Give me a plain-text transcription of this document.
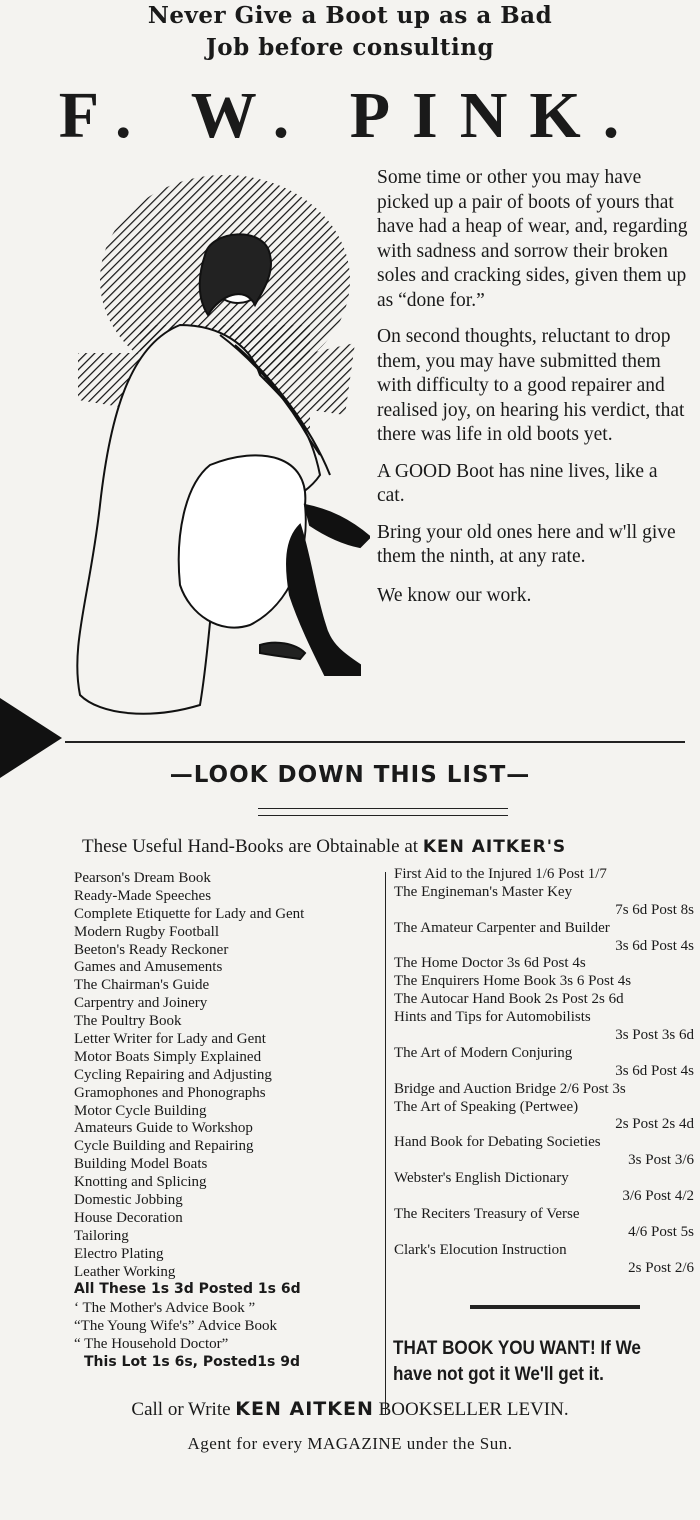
Never Give a Boot up as a Bad
Job before consulting
F. W. PINK.

Some time or other you may have picked up a pair of boots of yours that have had a heap of wear, and, regarding with sadness and sorrow their broken soles and cracking sides, given them up as “done for.”

On second thoughts, reluctant to drop them, you may have submitted them with difficulty to a good repairer and realised joy, on hearing his verdict, that there was life in old boots yet.

A GOOD Boot has nine lives, like a cat.

Bring your old ones here and w'll give them the ninth, at any rate.

We know our work.

—LOOK DOWN THIS LIST—
These Useful Hand-Books are Obtainable at KEN AITKER'S
Pearson's Dream Book
Ready-Made Speeches
Complete Etiquette for Lady and Gent
Modern Rugby Football
Beeton's Ready Reckoner
Games and Amusements
The Chairman's Guide
Carpentry and Joinery
The Poultry Book
Letter Writer for Lady and Gent
Motor Boats Simply Explained
Cycling Repairing and Adjusting
Gramophones and Phonographs
Motor Cycle Building
Amateurs Guide to Workshop
Cycle Building and Repairing
Building Model Boats
Knotting and Splicing
Domestic Jobbing
House Decoration
Tailoring
Electro Plating
Leather Working
All These 1s 3d Posted 1s 6d
‘ The Mother's Advice Book ”
“The Young Wife's” Advice Book
“ The Household Doctor”
This Lot 1s 6s, Posted1s 9d
First Aid to the Injured 1/6 Post 1/7
The Engineman's Master Key
7s 6d Post 8s
The Amateur Carpenter and Builder
3s 6d Post 4s
The Home Doctor 3s 6d Post 4s
The Enquirers Home Book 3s 6 Post 4s
The Autocar Hand Book 2s Post 2s 6d
Hints and Tips for Automobilists
3s Post 3s 6d
The Art of Modern Conjuring
3s 6d Post 4s
Bridge and Auction Bridge 2/6 Post 3s
The Art of Speaking (Pertwee)
2s Post 2s 4d
Hand Book for Debating Societies
3s Post 3/6
Webster's English Dictionary
3/6 Post 4/2
The Reciters Treasury of Verse
4/6 Post 5s
Clark's Elocution Instruction
2s Post 2/6
THAT BOOK YOU WANT! If We have not got it We'll get it.
Call or Write KEN AITKEN BOOKSELLER LEVIN.
Agent for every MAGAZINE under the Sun.
